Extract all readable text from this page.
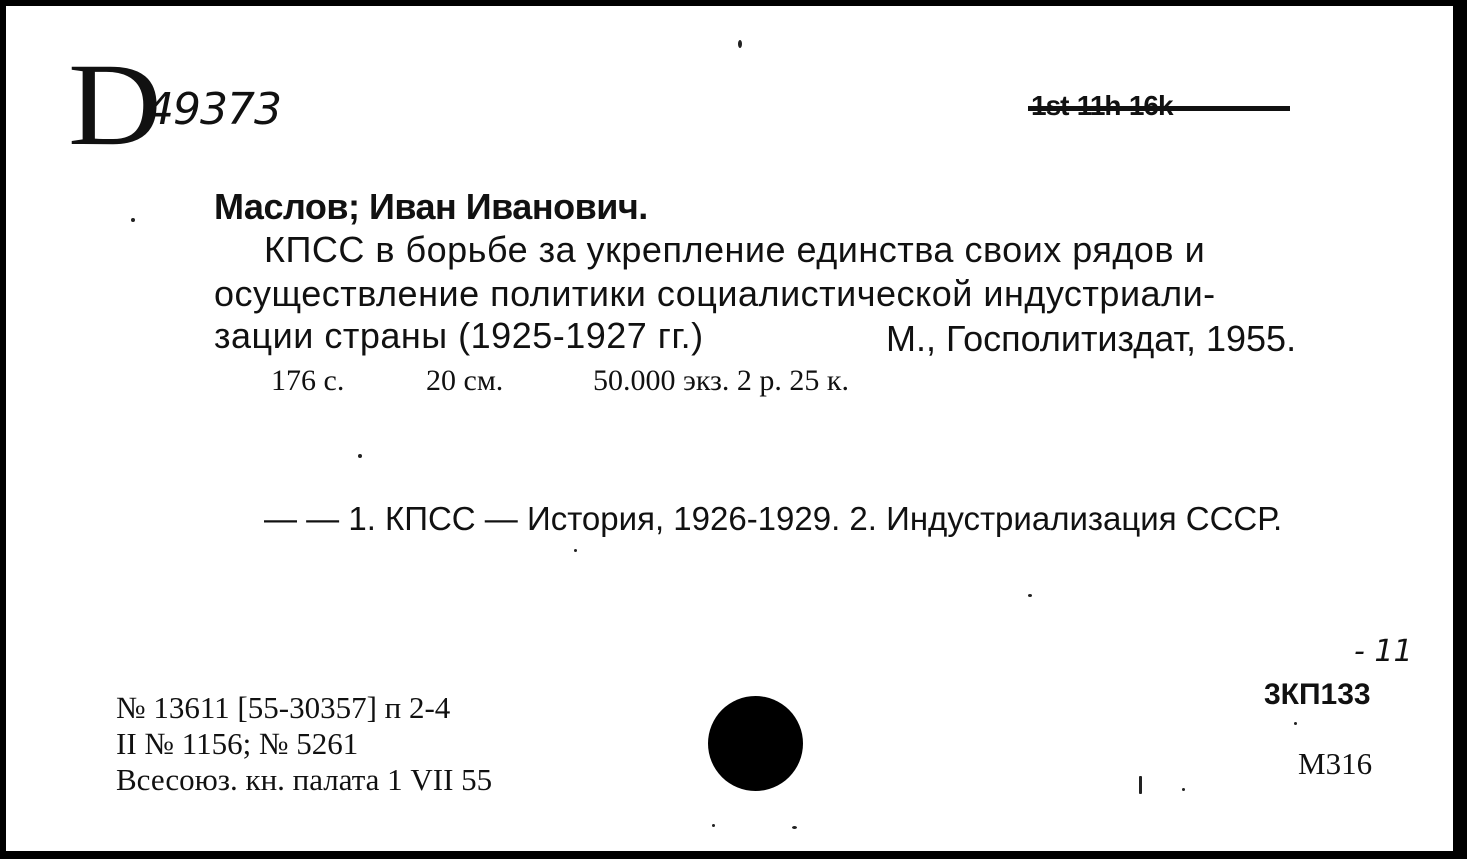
D
49373
Маслов; Иван Иванович.
КПСС в борьбе за укрепление единства своих рядов и
осуществление политики социалистической индустриали-
зации страны (1925-1927 гг.)	М., Госполитиздат, 1955.
176 с.	20 см.	50.000 экз. 2 р. 25 к.
— — 1. КПСС — История, 1926-1929. 2. Индустриализация СССР.
№ 13611 [55-30357] п 2-4
II № 1156; № 5261
Всесоюз. кн. палата 1 VII 55
- 11
3КП133
М316
